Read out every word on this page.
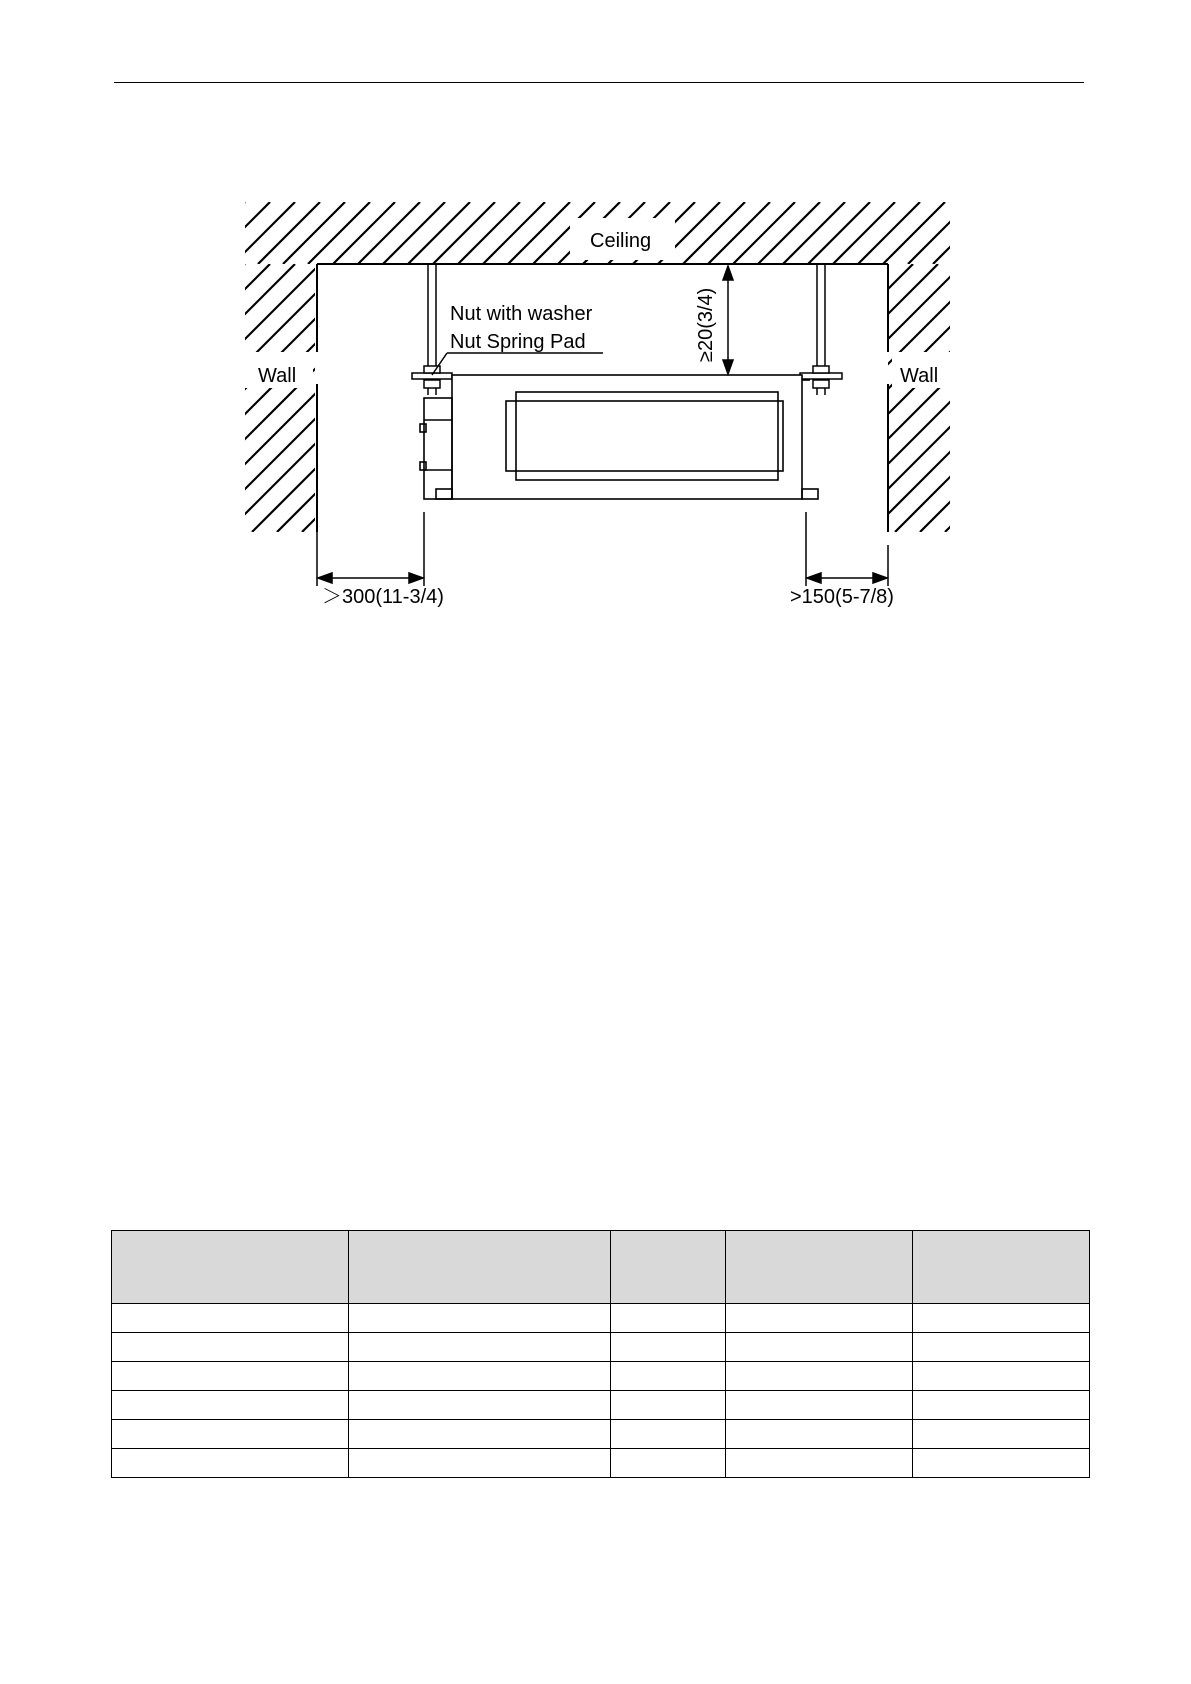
Ceiling
Wall	Wall
Nut with washer
Nut Spring Pad	≥20(3/4)
＞300(11-3/4)	>150(5-7/8)
